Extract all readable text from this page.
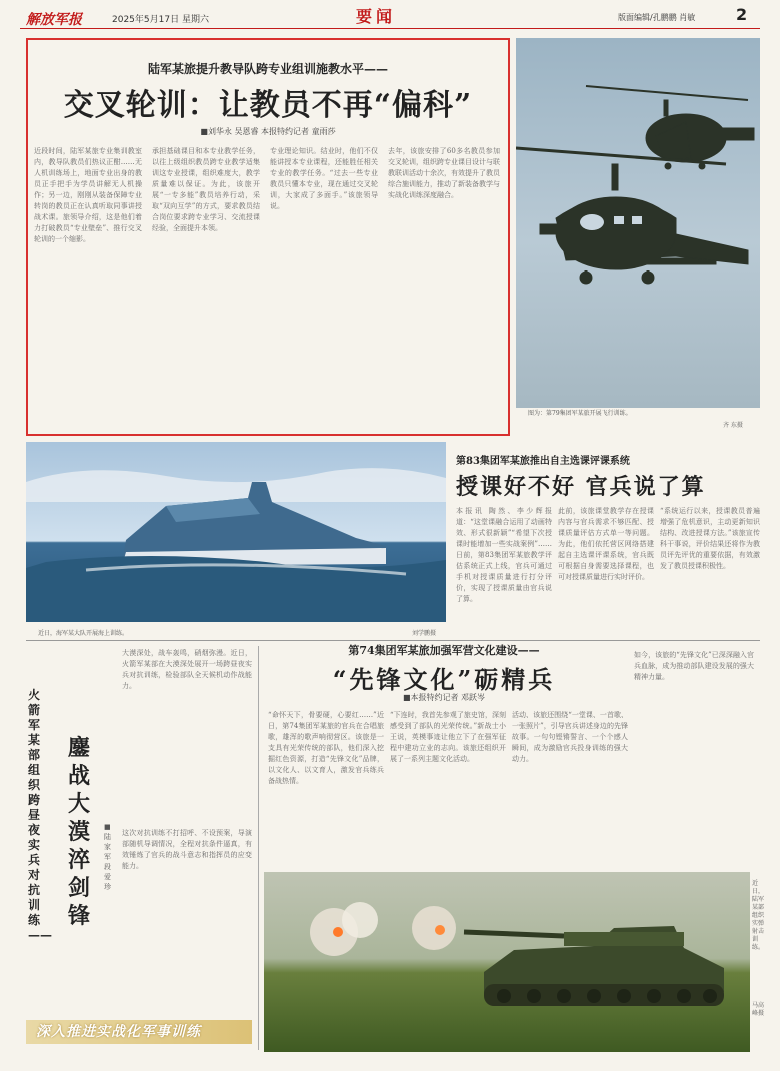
解放军报	2025年5月17日 星期六	要闻	版面编辑/孔鹏鹏 肖敏	2
陆军某旅提升教导队跨专业组训施教水平——
交叉轮训：让教员不再“偏科”
■刘华永 吴恩睿 本报特约记者 童雨莎
近段时间，陆军某旅专业集训教室内，教导队教员们热议正酣……无人机训练场上，地面专业出身的教员正手把手为学员讲解无人机操作；另一边，刚刚从装备保障专业转岗的教员正在认真听取同事讲授战术课。旅领导介绍，这是他们着力打破教员“专业壁垒”、推行交叉轮训的一个缩影。
承担基础课目和本专业教学任务，以往上级组织教员跨专业教学适集训这专业授课，组织难度大，教学质量难以保证。为此，该旅开展“一专多能”教员培养行动，采取“双向互学”的方式，要求教员结合岗位要求跨专业学习、交流授课经验，全面提升本领。
专业理论知识。结业时，他们不仅能讲授本专业课程，还能胜任相关专业的教学任务。“过去一些专业教员只懂本专业，现在通过交叉轮训，大家成了多面手。”该旅领导说。
去年，该旅安排了60多名教员参加交叉轮训，组织跨专业课目设计与联教联训活动十余次，有效提升了教员综合施训能力，推动了新装备教学与实战化训练深度融合。
图为：第79集团军某旅开展飞行训练。
齐 东摄
近日，海军某大队开展海上训练。	刘学鹏摄
第83集团军某旅推出自主选课评课系统
授课好不好 官兵说了算
本报讯 陶然、李少辉报道：“这堂课融合运用了动画特效、形式很新颖”“希望下次授课时能增加一些实战案例”……日前，第83集团军某旅教学评估系统正式上线，官兵可通过手机对授课质量进行打分评价，实现了授课质量由官兵说了算。
此前，该旅课堂教学存在授课内容与官兵需求不够匹配、授课质量评估方式单一等问题。为此，他们依托营区网络搭建起自主选课评课系统，官兵既可根据自身需要选择课程，也可对授课质量进行实时评价。
“系统运行以来，授课教员普遍增强了危机意识，主动更新知识结构、改进授课方法。”该旅宣传科干事说，评价结果还将作为教员评先评优的重要依据，有效激发了教员授课积极性。
火箭军某部组织跨昼夜实兵对抗训练——
鏖战大漠淬剑锋
■陆家军 段爱珍
大漠深处，战车轰鸣，硝烟弥漫。近日，火箭军某部在大漠深处展开一场跨昼夜实兵对抗训练，检验部队全天候机动作战能力。
这次对抗训练不打招呼、不设预案，导演部随机导调情况，全程对抗条件逼真，有效锤炼了官兵的战斗意志和指挥员的应变能力。
深入推进实战化军事训练
第74集团军某旅加强军营文化建设——
“先锋文化”砺精兵
■本报特约记者 邓跃岑
“命怀天下，骨要硬，心要红……”近日，第74集团军某旅的官兵在合唱旅歌，雄浑的歌声响彻营区。该旅是一支具有光荣传统的部队，他们深入挖掘红色资源，打造“先锋文化”品牌，以文化人、以文育人，激发官兵练兵备战热情。
“下连时，我首先参观了旅史馆，深刻感受到了部队的光荣传统。”新战士小王说，英模事迹让他立下了在强军征程中建功立业的志向。该旅还组织开展了一系列主题文化活动。
活动、该旅还围绕“一堂课、一首歌、一张照片”，引导官兵讲述身边的先锋故事。一句句铿锵誓言、一个个感人瞬间，成为激励官兵投身训练的强大动力。
如今，该旅的“先锋文化”已深深融入官兵血脉，成为推动部队建设发展的强大精神力量。
近日，陆军某部组织实弹射击训练。
马高峰摄
